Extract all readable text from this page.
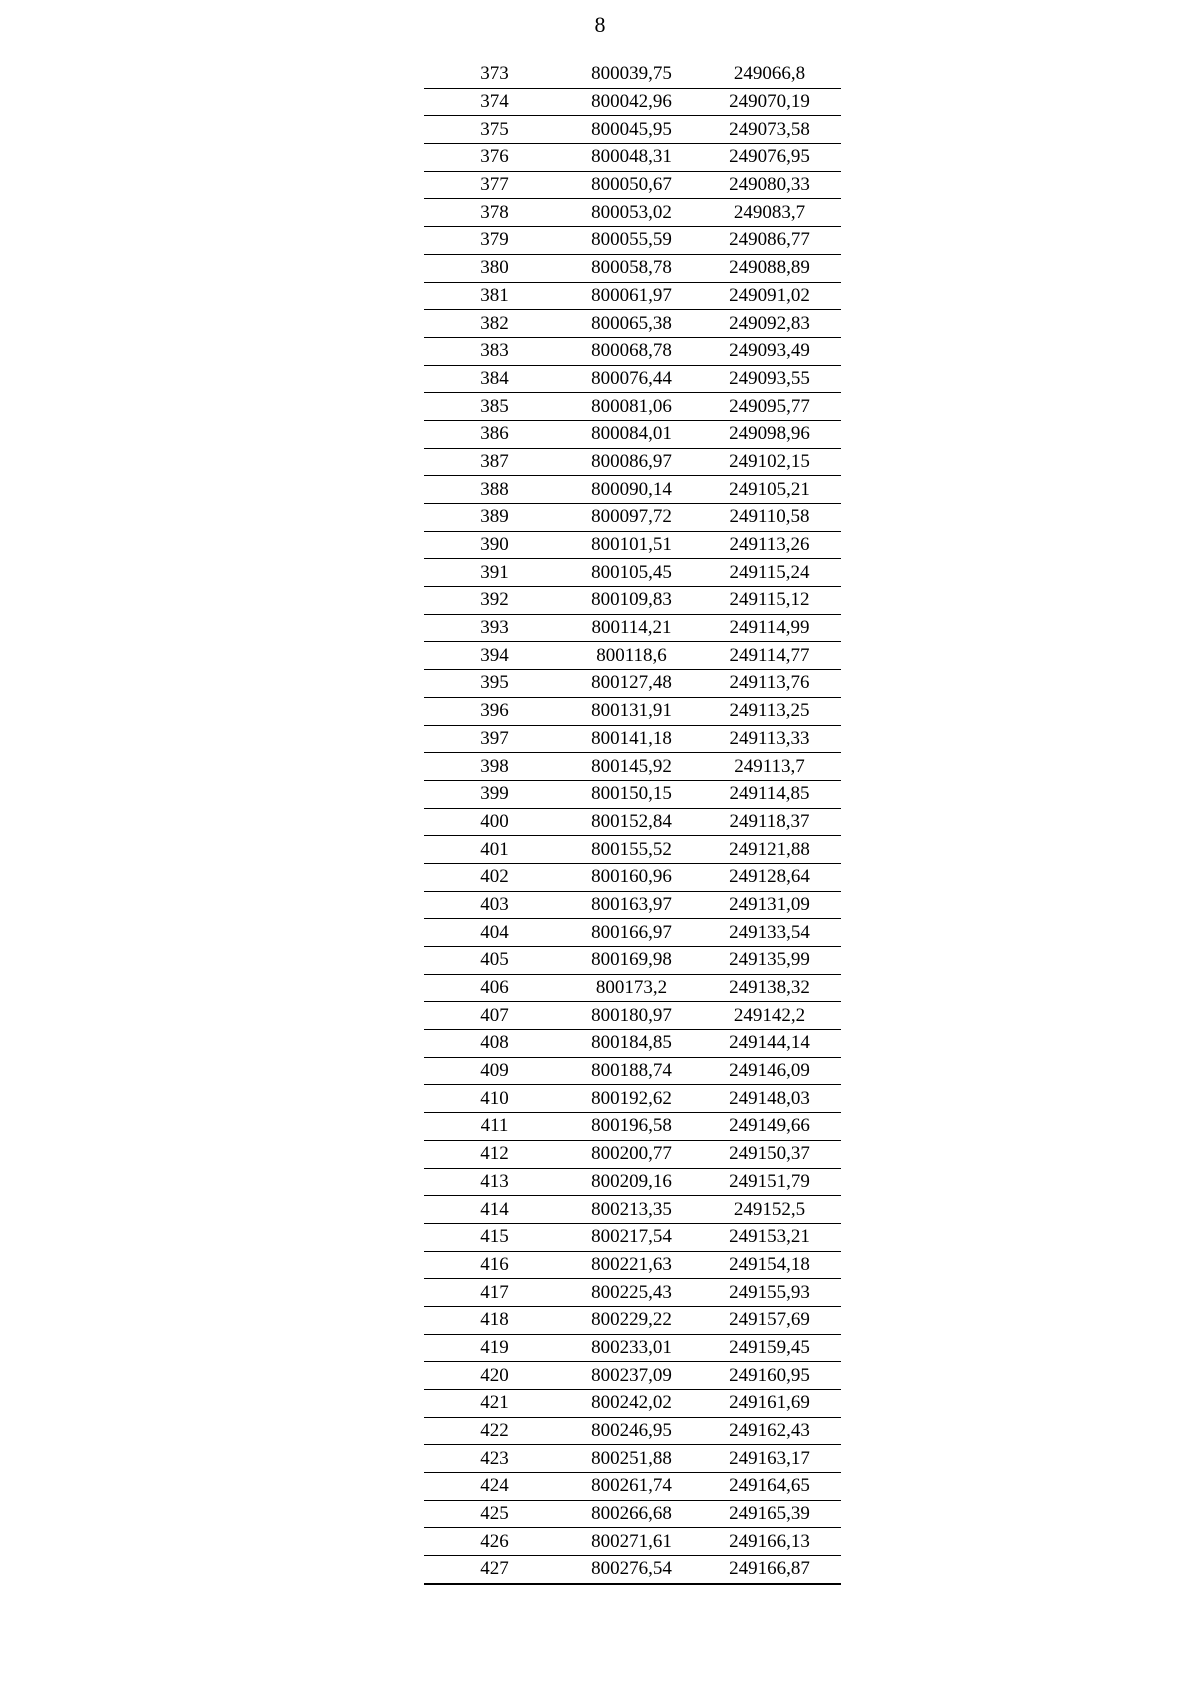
8
373	800039,75	249066,8
374	800042,96	249070,19
375	800045,95	249073,58
376	800048,31	249076,95
377	800050,67	249080,33
378	800053,02	249083,7
379	800055,59	249086,77
380	800058,78	249088,89
381	800061,97	249091,02
382	800065,38	249092,83
383	800068,78	249093,49
384	800076,44	249093,55
385	800081,06	249095,77
386	800084,01	249098,96
387	800086,97	249102,15
388	800090,14	249105,21
389	800097,72	249110,58
390	800101,51	249113,26
391	800105,45	249115,24
392	800109,83	249115,12
393	800114,21	249114,99
394	800118,6	249114,77
395	800127,48	249113,76
396	800131,91	249113,25
397	800141,18	249113,33
398	800145,92	249113,7
399	800150,15	249114,85
400	800152,84	249118,37
401	800155,52	249121,88
402	800160,96	249128,64
403	800163,97	249131,09
404	800166,97	249133,54
405	800169,98	249135,99
406	800173,2	249138,32
407	800180,97	249142,2
408	800184,85	249144,14
409	800188,74	249146,09
410	800192,62	249148,03
411	800196,58	249149,66
412	800200,77	249150,37
413	800209,16	249151,79
414	800213,35	249152,5
415	800217,54	249153,21
416	800221,63	249154,18
417	800225,43	249155,93
418	800229,22	249157,69
419	800233,01	249159,45
420	800237,09	249160,95
421	800242,02	249161,69
422	800246,95	249162,43
423	800251,88	249163,17
424	800261,74	249164,65
425	800266,68	249165,39
426	800271,61	249166,13
427	800276,54	249166,87
